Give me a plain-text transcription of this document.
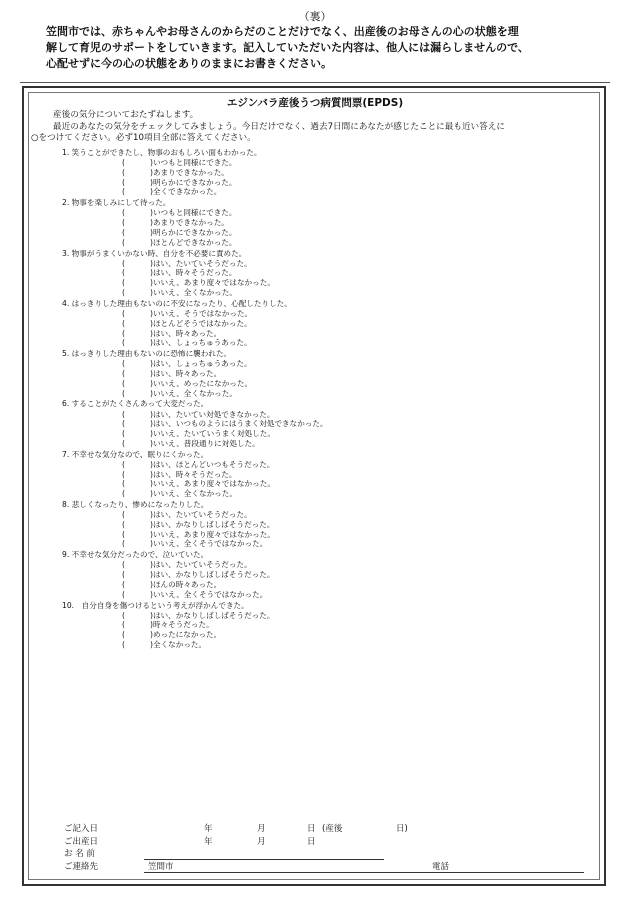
（裏）

笠間市では、赤ちゃんやお母さんのからだのことだけでなく、出産後のお母さんの心の状態を理

解して育児のサポートをしていきます。記入していただいた内容は、他人には漏らしませんので、

心配せずに今の心の状態をありのままにお書きください。

エジンバラ産後うつ病質問票(EPDS)

産後の気分についておたずねします。

最近のあなたの気分をチェックしてみましょう。今日だけでなく、過去7日間にあなたが感じたことに最も近い答えに

○をつけてください。必ず10項目全部に答えてください。

1. 笑うことができたし、物事のおもしろい面もわかった。
(	)いつもと同様にできた。
(	)あまりできなかった。
(	)明らかにできなかった。
(	)全くできなかった。
2. 物事を楽しみにして待った。
(	)いつもと同様にできた。
(	)あまりできなかった。
(	)明らかにできなかった。
(	)ほとんどできなかった。
3. 物事がうまくいかない時、自分を不必要に責めた。
(	)はい、たいていそうだった。
(	)はい、時々そうだった。
(	)いいえ、あまり度々ではなかった。
(	)いいえ、全くなかった。
4. はっきりした理由もないのに不安になったり、心配したりした。
(	)いいえ、そうではなかった。
(	)ほとんどそうではなかった。
(	)はい、時々あった。
(	)はい、しょっちゅうあった。
5. はっきりした理由もないのに恐怖に襲われた。
(	)はい、しょっちゅうあった。
(	)はい、時々あった。
(	)いいえ、めったになかった。
(	)いいえ、全くなかった。
6. することがたくさんあって大変だった。
(	)はい、たいてい対処できなかった。
(	)はい、いつものようにはうまく対処できなかった。
(	)いいえ、たいていうまく対処した。
(	)いいえ、普段通りに対処した。
7. 不幸せな気分なので、眠りにくかった。
(	)はい、ほとんどいつもそうだった。
(	)はい、時々そうだった。
(	)いいえ、あまり度々ではなかった。
(	)いいえ、全くなかった。
8. 悲しくなったり、惨めになったりした。
(	)はい、たいていそうだった。
(	)はい、かなりしばしばそうだった。
(	)いいえ、あまり度々ではなかった。
(	)いいえ、全くそうではなかった。
9. 不幸せな気分だったので、泣いていた。
(	)はい、たいていそうだった。
(	)はい、かなりしばしばそうだった。
(	)ほんの時々あった。
(	)いいえ、全くそうではなかった。
10.　自分自身を傷つけるという考えが浮かんできた。
(	)はい、かなりしばしばそうだった。
(	)時々そうだった。
(	)めったになかった。
(	)全くなかった。
ご記入日	年	月	日 (産後	日)
ご出産日	年	月	日
お 名 前
ご連絡先	笠間市	電話
